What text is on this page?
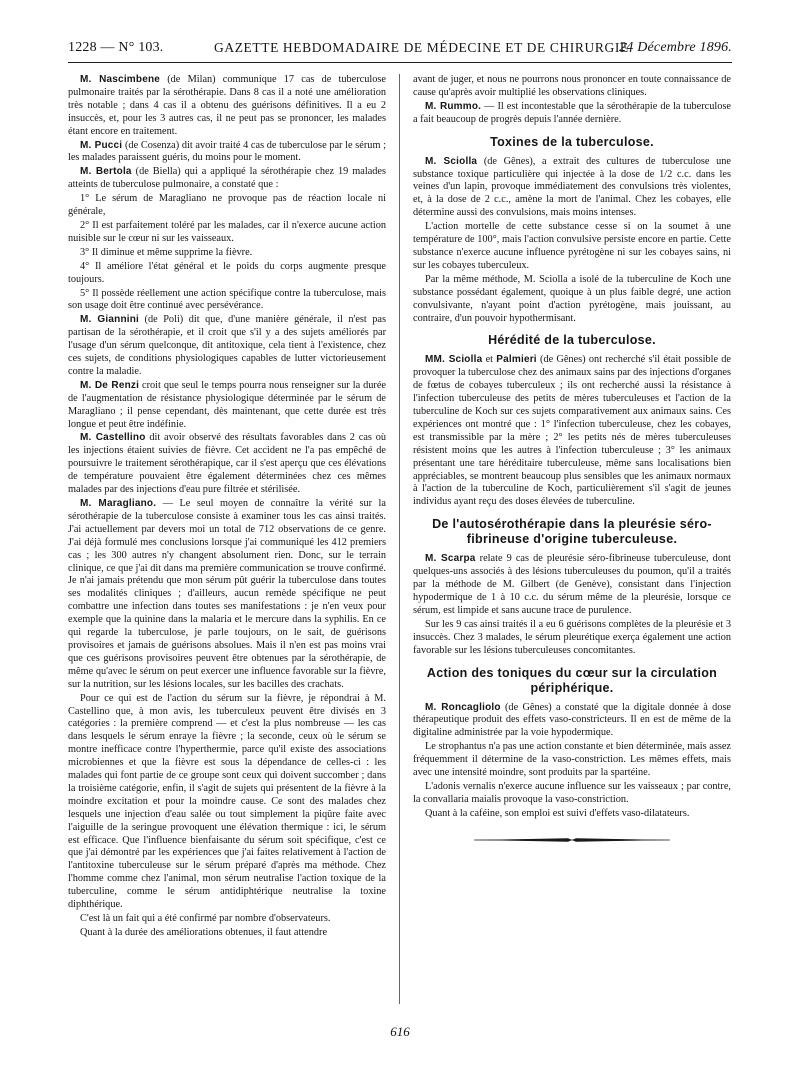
1228 — N° 103.	GAZETTE HEBDOMADAIRE DE MÉDECINE ET DE CHIRURGIE.
24 Décembre 1896.

M. Nascimbene (de Milan) communique 17 cas de tuberculose pulmonaire traités par la sérothérapie. Dans 8 cas il a noté une amélioration très notable ; dans 4 cas il a obtenu des guérisons définitives. Il a eu 2 insuccès, et, pour les 3 autres cas, il ne peut pas se prononcer, les malades étant encore en traitement.

M. Pucci (de Cosenza) dit avoir traité 4 cas de tuberculose par le sérum ; les malades paraissent guéris, du moins pour le moment.

M. Bertola (de Biella) qui a appliqué la sérothérapie chez 19 malades atteints de tuberculose pulmonaire, a constaté que :

1° Le sérum de Maragliano ne provoque pas de réaction locale ni générale,

2° Il est parfaitement toléré par les malades, car il n'exerce aucune action nuisible sur le cœur ni sur les vaisseaux.

3° Il diminue et même supprime la fièvre.

4° Il améliore l'état général et le poids du corps augmente presque toujours.

5° Il possède réellement une action spécifique contre la tuberculose, mais son usage doit être continué avec persévérance.

M. Giannini (de Poli) dit que, d'une manière générale, il n'est pas partisan de la sérothérapie, et il croit que s'il y a des sujets améliorés par l'usage d'un sérum quelconque, dit antitoxique, cela tient à l'existence, chez ces sujets, de conditions physiologiques capables de lutter victorieusement contre la maladie.

M. De Renzi croit que seul le temps pourra nous renseigner sur la durée de l'augmentation de résistance physiologique déterminée par le sérum de Maragliano ; il pense cependant, dès maintenant, que cette durée est très longue et peut être indéfinie.

M. Castellino dit avoir observé des résultats favorables dans 2 cas où les injections étaient suivies de fièvre. Cet accident ne l'a pas empêché de poursuivre le traitement sérothérapique, car il s'est aperçu que ces élévations de température pouvaient être également déterminées chez ces mêmes malades par des injections d'eau pure filtrée et stérilisée.

M. Maragliano. — Le seul moyen de connaître la vérité sur la sérothérapie de la tuberculose consiste à examiner tous les cas ainsi traités. J'ai actuellement par devers moi un total de 712 observations de ce genre. J'ai déjà formulé mes conclusions lorsque j'ai communiqué les 412 premiers cas ; les 300 autres n'y changent absolument rien. Donc, sur le terrain clinique, ce que j'ai dit dans ma première communication se trouve confirmé. Je n'ai jamais prétendu que mon sérum pût guérir la tuberculose dans toutes ses modalités cliniques ; d'ailleurs, aucun remède spécifique ne peut combattre une infection dans toutes ses manifestations : je n'en veux pour exemple que la quinine dans la malaria et le mercure dans la syphilis. En ce qui regarde la tuberculose, je parle toujours, on le sait, de guérisons provisoires et jamais de guérisons absolues. Mais il n'en est pas moins vrai que ces guérisons provisoires peuvent être obtenues par la sérothérapie, de même qu'avec le sérum on peut exercer une influence favorable sur la fièvre, sur la nutrition, sur les lésions locales, sur les bacilles des crachats.

Pour ce qui est de l'action du sérum sur la fièvre, je répondrai à M. Castellino que, à mon avis, les tuberculeux peuvent être divisés en 3 catégories : la première comprend — et c'est la plus nombreuse — les cas dans lesquels le sérum enraye la fièvre ; la seconde, ceux où le sérum se montre inefficace contre l'hyperthermie, parce qu'il existe des associations microbiennes et que la fièvre est sous la dépendance de celles-ci : les malades qui font partie de ce groupe sont ceux qui doivent succomber ; dans la troisième catégorie, enfin, il s'agit de sujets qui présentent de la fièvre à la moindre excitation et pour la moindre cause. Ce sont des malades chez lesquels une injection d'eau salée ou tout simplement la piqûre faite avec l'aiguille de la seringue provoquent une élévation thermique : ici, le sérum est efficace. Que l'influence bienfaisante du sérum soit spécifique, c'est ce que j'ai démontré par les expériences que j'ai faites relativement à l'action de l'antitoxine tuberculeuse sur le sérum préparé d'après ma méthode. Chez l'homme comme chez l'animal, mon sérum neutralise l'action toxique de la tuberculine, comme le sérum antidiphtérique neutralise la toxine diphthérique.

C'est là un fait qui a été confirmé par nombre d'observateurs.

Quant à la durée des améliorations obtenues, il faut attendre

avant de juger, et nous ne pourrons nous prononcer en toute connaissance de cause qu'après avoir multiplié les observations cliniques.

M. Rummo. — Il est incontestable que la sérothérapie de la tuberculose a fait beaucoup de progrès depuis l'année dernière.

Toxines de la tuberculose.

M. Sciolla (de Gênes), a extrait des cultures de tuberculose une substance toxique particulière qui injectée à la dose de 1/2 c.c. dans les veines d'un lapin, provoque immédiatement des convulsions très violentes, et, à la dose de 2 c.c., amène la mort de l'animal. Chez les cobayes, elle détermine aussi des convulsions, mais moins intenses.

L'action mortelle de cette substance cesse si on la soumet à une température de 100°, mais l'action convulsive persiste encore en partie. Cette substance n'exerce aucune influence pyrétogène ni sur les cobayes sains, ni sur les cobayes tuberculeux.

Par la même méthode, M. Sciolla a isolé de la tuberculine de Koch une substance possédant également, quoique à un plus faible degré, une action convulsivante, n'ayant point d'action pyrétogène, mais jouissant, au contraire, d'un pouvoir hypothermisant.

Hérédité de la tuberculose.

MM. Sciolla et Palmieri (de Gênes) ont recherché s'il était possible de provoquer la tuberculose chez des animaux sains par des injections d'organes de fœtus de cobayes tuberculeux ; ils ont recherché aussi la résistance à l'infection tuberculeuse des petits de mères tuberculeuses et l'action de la tuberculine de Koch sur ces sujets comparativement aux animaux sains. Ces expériences ont montré que : 1° l'infection tuberculeuse, chez les cobayes, est transmissible par la mère ; 2° les petits nés de mères tuberculeuses résistent moins que les autres à l'infection tuberculeuse ; 3° les animaux présentant une tare héréditaire tuberculeuse, même sans localisations bien appréciables, se montrent beaucoup plus sensibles que les animaux normaux à l'action de la tuberculine de Koch, particulièrement s'il s'agit de jeunes individus ayant reçu des doses élevées de tuberculine.

De l'autosérothérapie dans la pleurésie séro-fibrineuse d'origine tuberculeuse.

M. Scarpa relate 9 cas de pleurésie séro-fibrineuse tuberculeuse, dont quelques-uns associés à des lésions tuberculeuses du poumon, qu'il a traités par la méthode de M. Gilbert (de Genève), consistant dans l'injection hypodermique de 1 à 10 c.c. du sérum même de la pleurésie, lorsque ce sérum, est limpide et sans aucune trace de purulence.

Sur les 9 cas ainsi traités il a eu 6 guérisons complètes de la pleurésie et 3 insuccès. Chez 3 malades, le sérum pleurétique exerça également une action favorable sur les lésions tuberculeuses concomitantes.

Action des toniques du cœur sur la circulation périphérique.

M. Roncagliolo (de Gênes) a constaté que la digitale donnée à dose thérapeutique produit des effets vaso-constricteurs. Il en est de même de la digitaline administrée par la voie hypodermique.

Le strophantus n'a pas une action constante et bien déterminée, mais assez fréquemment il détermine de la vaso-constriction. Les mêmes effets, mais avec une intensité moindre, sont produits par la spartéine.

L'adonis vernalis n'exerce aucune influence sur les vaisseaux ; par contre, la convallaria maialis provoque la vaso-constriction.

Quant à la caféine, son emploi est suivi d'effets vaso-dilatateurs.

616
